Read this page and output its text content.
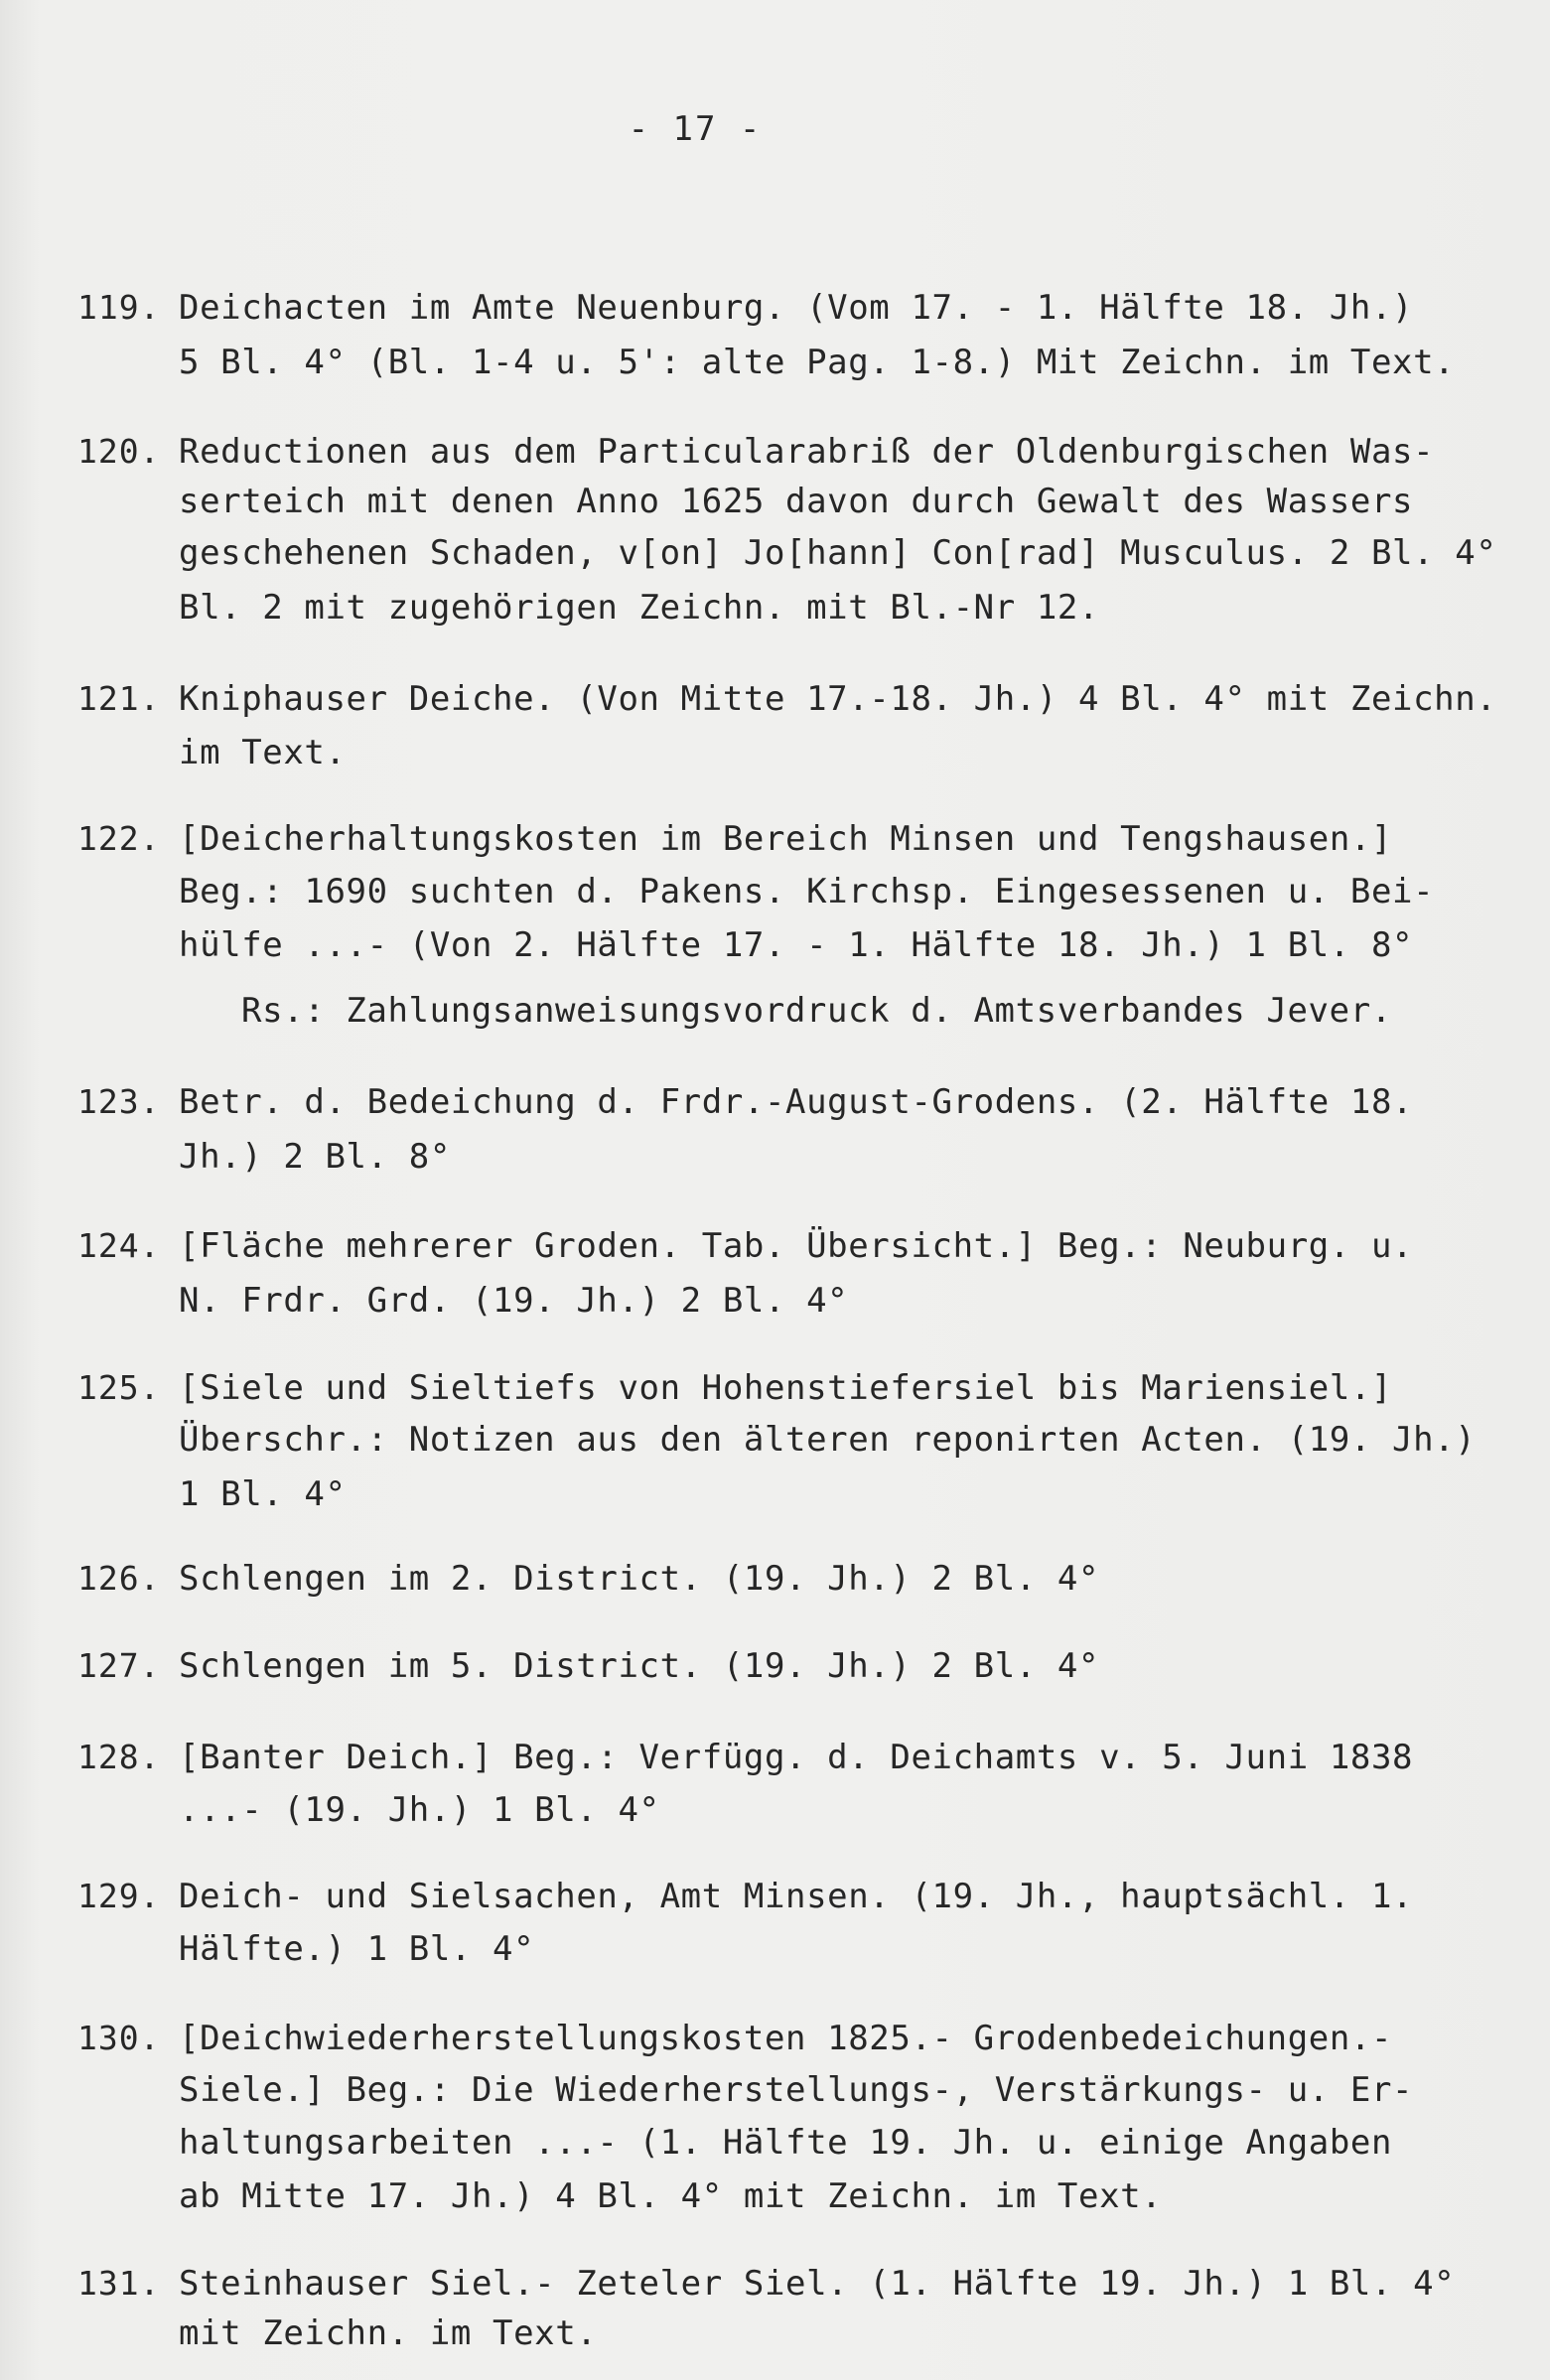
- 17 -
119. Deichacten im Amte Neuenburg. (Vom 17. - 1. Hälfte 18. Jh.)
5 Bl. 4° (Bl. 1-4 u. 5': alte Pag. 1-8.) Mit Zeichn. im Text.
120. Reductionen aus dem Particularabriß der Oldenburgischen Was-
serteich mit denen Anno 1625 davon durch Gewalt des Wassers
geschehenen Schaden, v[on] Jo[hann] Con[rad] Musculus. 2 Bl. 4°
Bl. 2 mit zugehörigen Zeichn. mit Bl.-Nr 12.
121. Kniphauser Deiche. (Von Mitte 17.-18. Jh.) 4 Bl. 4° mit Zeichn.
im Text.
122. [Deicherhaltungskosten im Bereich Minsen und Tengshausen.]
Beg.: 1690 suchten d. Pakens. Kirchsp. Eingesessenen u. Bei-
hülfe ...- (Von 2. Hälfte 17. - 1. Hälfte 18. Jh.) 1 Bl. 8°
Rs.: Zahlungsanweisungsvordruck d. Amtsverbandes Jever.
123. Betr. d. Bedeichung d. Frdr.-August-Grodens. (2. Hälfte 18.
Jh.) 2 Bl. 8°
124. [Fläche mehrerer Groden. Tab. Übersicht.] Beg.: Neuburg. u.
N. Frdr. Grd. (19. Jh.) 2 Bl. 4°
125. [Siele und Sieltiefs von Hohenstiefersiel bis Mariensiel.]
Überschr.: Notizen aus den älteren reponirten Acten. (19. Jh.)
1 Bl. 4°
126. Schlengen im 2. District. (19. Jh.) 2 Bl. 4°
127. Schlengen im 5. District. (19. Jh.) 2 Bl. 4°
128. [Banter Deich.] Beg.: Verfügg. d. Deichamts v. 5. Juni 1838
...- (19. Jh.) 1 Bl. 4°
129. Deich- und Sielsachen, Amt Minsen. (19. Jh., hauptsächl. 1.
Hälfte.) 1 Bl. 4°
130. [Deichwiederherstellungskosten 1825.- Grodenbedeichungen.-
Siele.] Beg.: Die Wiederherstellungs-, Verstärkungs- u. Er-
haltungsarbeiten ...- (1. Hälfte 19. Jh. u. einige Angaben
ab Mitte 17. Jh.) 4 Bl. 4° mit Zeichn. im Text.
131. Steinhauser Siel.- Zeteler Siel. (1. Hälfte 19. Jh.) 1 Bl. 4°
mit Zeichn. im Text.
